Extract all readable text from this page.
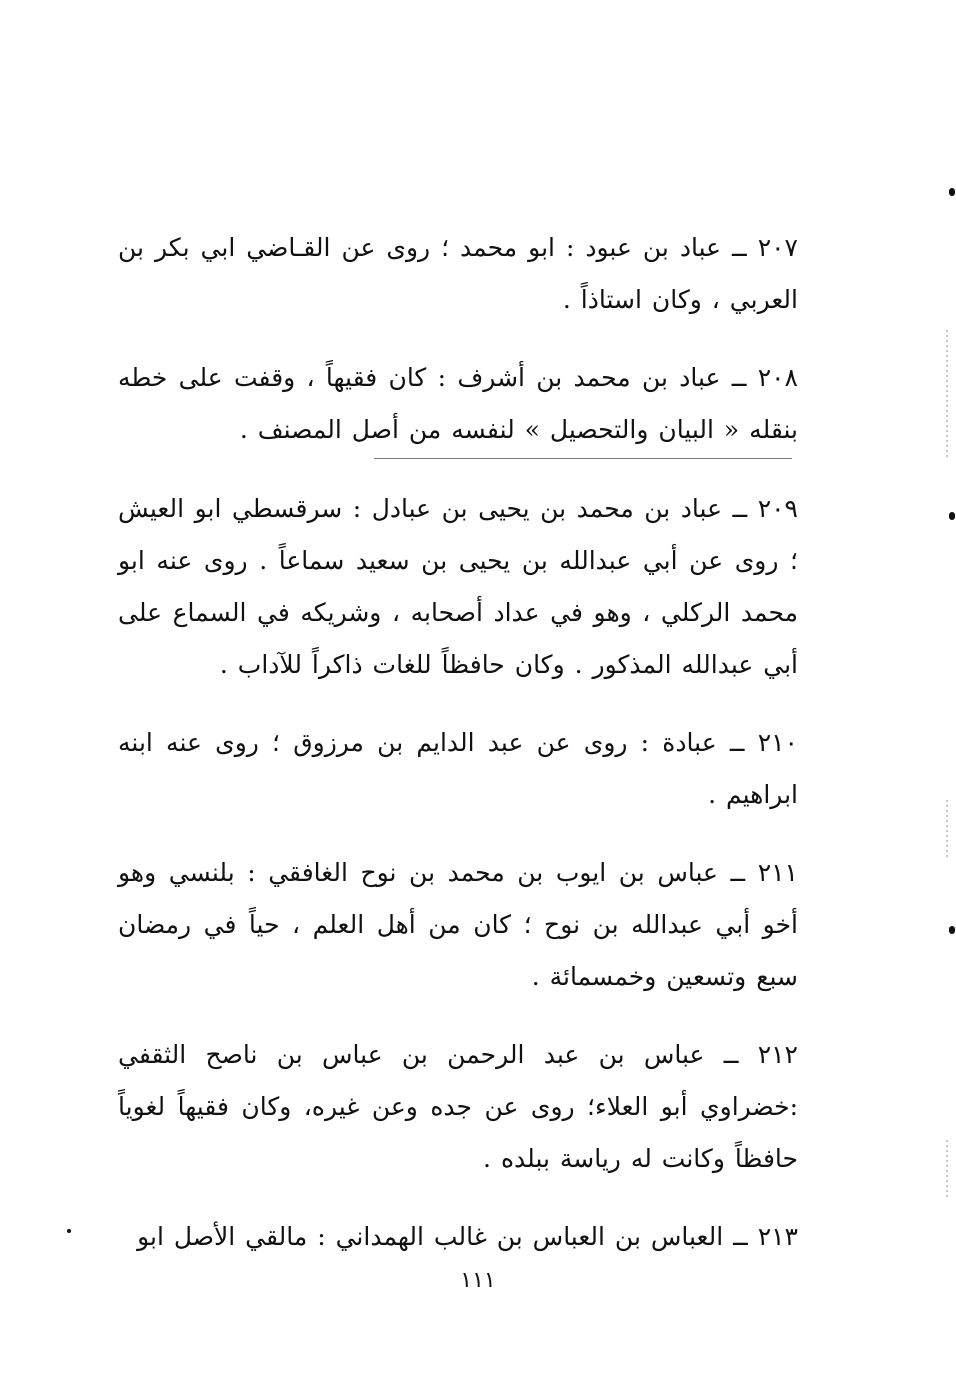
٢٠٧ ــ عباد بن عبود : ابو محمد ؛ روى عن القـاضي ابي بكر بن العربي ، وكان استاذاً .

٢٠٨ ــ عباد بن محمد بن أشرف : كان فقيهاً ، وقفت على خطه بنقله « البيان والتحصيل » لنفسه من أصل المصنف .

٢٠٩ ــ عباد بن محمد بن يحيى بن عبادل : سرقسطي ابو العيش ؛ روى عن أبي عبدالله بن يحيى بن سعيد سماعاً . روى عنه ابو محمد الركلي ، وهو في عداد أصحابه ، وشريكه في السماع على أبي عبدالله المذكور . وكان حافظاً للغات ذاكراً للآداب .

٢١٠ ــ عبادة : روى عن عبد الدايم بن مرزوق ؛ روى عنه ابنه ابراهيم .

٢١١ ــ عباس بن ايوب بن محمد بن نوح الغافقي : بلنسي وهو أخو أبي عبدالله بن نوح ؛ كان من أهل العلم ، حياً في رمضان سبع وتسعين وخمسمائة .

٢١٢ ــ عباس بن عبد الرحمن بن عباس بن ناصح الثقفي :خضراوي أبو العلاء؛ روى عن جده وعن غيره، وكان فقيهاً لغوياً حافظاً وكانت له رياسة ببلده .

٢١٣ ــ العباس بن العباس بن غالب الهمداني : مالقي الأصل ابو

١١١
